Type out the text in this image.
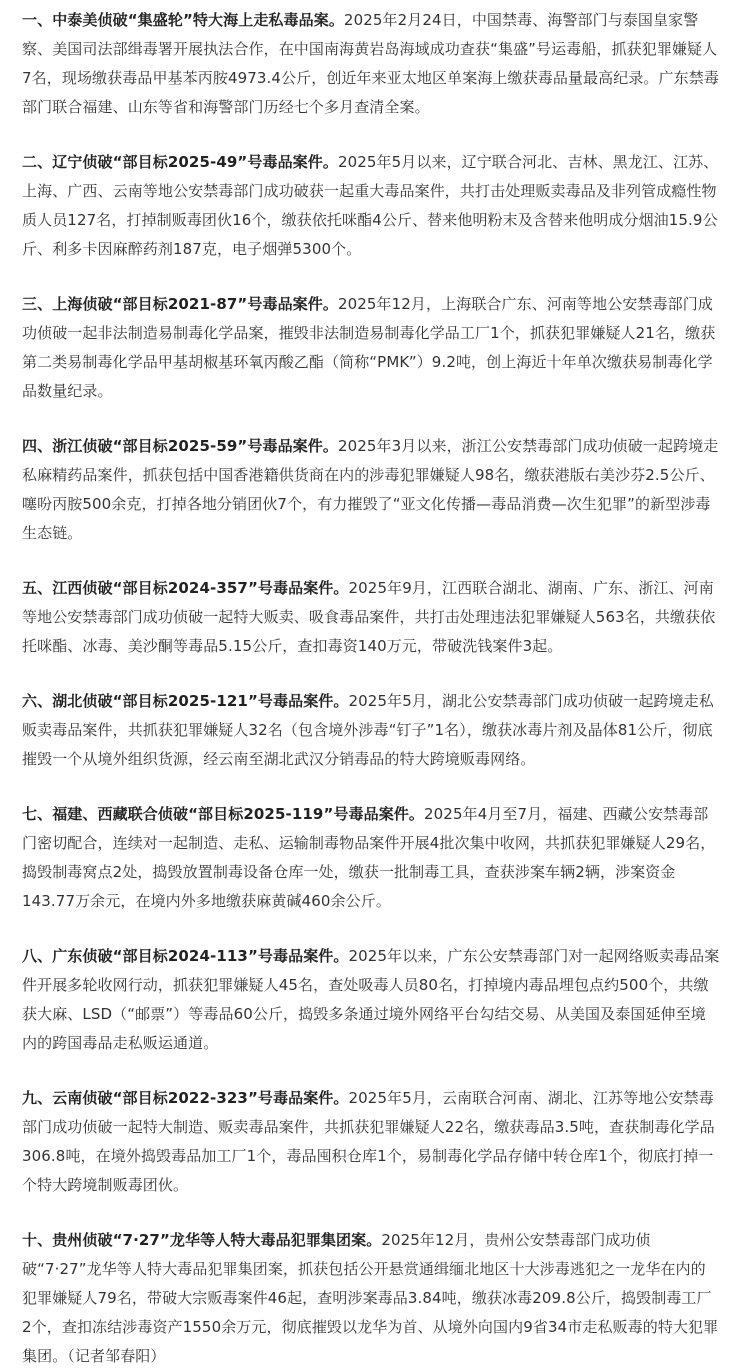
一、中泰美侦破“集盛轮”特大海上走私毒品案。2025年2月24日，中国禁毒、海警部门与泰国皇家警察、美国司法部缉毒署开展执法合作，在中国南海黄岩岛海域成功查获“集盛”号运毒船，抓获犯罪嫌疑人7名，现场缴获毒品甲基苯丙胺4973.4公斤，创近年来亚太地区单案海上缴获毒品量最高纪录。广东禁毒部门联合福建、山东等省和海警部门历经七个多月查清全案。

二、辽宁侦破“部目标2025-49”号毒品案件。2025年5月以来，辽宁联合河北、吉林、黑龙江、江苏、上海、广西、云南等地公安禁毒部门成功破获一起重大毒品案件，共打击处理贩卖毒品及非列管成瘾性物质人员127名，打掉制贩毒团伙16个，缴获依托咪酯4公斤、替来他明粉末及含替来他明成分烟油15.9公斤、利多卡因麻醉药剂187克，电子烟弹5300个。

三、上海侦破“部目标2021-87”号毒品案件。2025年12月，上海联合广东、河南等地公安禁毒部门成功侦破一起非法制造易制毒化学品案，摧毁非法制造易制毒化学品工厂1个，抓获犯罪嫌疑人21名，缴获第二类易制毒化学品甲基胡椒基环氧丙酸乙酯（简称“PMK”）9.2吨，创上海近十年单次缴获易制毒化学品数量纪录。

四、浙江侦破“部目标2025-59”号毒品案件。2025年3月以来，浙江公安禁毒部门成功侦破一起跨境走私麻精药品案件，抓获包括中国香港籍供货商在内的涉毒犯罪嫌疑人98名，缴获港版右美沙芬2.5公斤、噻吩丙胺500余克，打掉各地分销团伙7个，有力摧毁了“亚文化传播—毒品消费—次生犯罪”的新型涉毒生态链。

五、江西侦破“部目标2024-357”号毒品案件。2025年9月，江西联合湖北、湖南、广东、浙江、河南等地公安禁毒部门成功侦破一起特大贩卖、吸食毒品案件，共打击处理违法犯罪嫌疑人563名，共缴获依托咪酯、冰毒、美沙酮等毒品5.15公斤，查扣毒资140万元，带破洗钱案件3起。

六、湖北侦破“部目标2025-121”号毒品案件。2025年5月，湖北公安禁毒部门成功侦破一起跨境走私贩卖毒品案件，共抓获犯罪嫌疑人32名（包含境外涉毒“钉子”1名），缴获冰毒片剂及晶体81公斤，彻底摧毁一个从境外组织货源，经云南至湖北武汉分销毒品的特大跨境贩毒网络。

七、福建、西藏联合侦破“部目标2025-119”号毒品案件。2025年4月至7月，福建、西藏公安禁毒部门密切配合，连续对一起制造、走私、运输制毒物品案件开展4批次集中收网，共抓获犯罪嫌疑人29名，捣毁制毒窝点2处，捣毁放置制毒设备仓库一处，缴获一批制毒工具，查获涉案车辆2辆，涉案资金143.77万余元，在境内外多地缴获麻黄碱460余公斤。

八、广东侦破“部目标2024-113”号毒品案件。2025年以来，广东公安禁毒部门对一起网络贩卖毒品案件开展多轮收网行动，抓获犯罪嫌疑人45名，查处吸毒人员80名，打掉境内毒品埋包点约500个，共缴获大麻、LSD（“邮票”）等毒品60公斤，捣毁多条通过境外网络平台勾结交易、从美国及泰国延伸至境内的跨国毒品走私贩运通道。

九、云南侦破“部目标2022-323”号毒品案件。2025年5月，云南联合河南、湖北、江苏等地公安禁毒部门成功侦破一起特大制造、贩卖毒品案件，共抓获犯罪嫌疑人22名，缴获毒品3.5吨，查获制毒化学品306.8吨，在境外捣毁毒品加工厂1个，毒品囤积仓库1个，易制毒化学品存储中转仓库1个，彻底打掉一个特大跨境制贩毒团伙。

十、贵州侦破“7·27”龙华等人特大毒品犯罪集团案。2025年12月，贵州公安禁毒部门成功侦破“7·27”龙华等人特大毒品犯罪集团案，抓获包括公开悬赏通缉缅北地区十大涉毒逃犯之一龙华在内的犯罪嫌疑人79名，带破大宗贩毒案件46起，查明涉案毒品3.84吨，缴获冰毒209.8公斤，捣毁制毒工厂2个，查扣冻结涉毒资产1550余万元，彻底摧毁以龙华为首、从境外向国内9省34市走私贩毒的特大犯罪集团。（记者邹春阳）
